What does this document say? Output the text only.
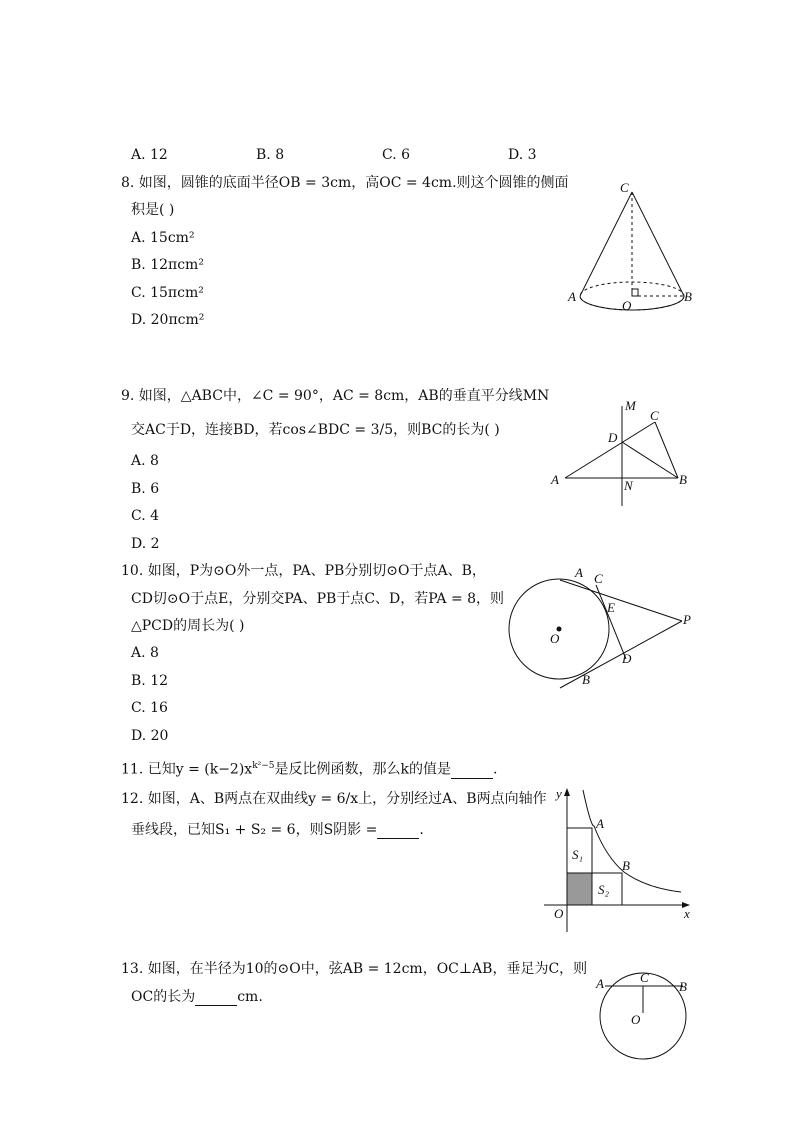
A. 12	B. 8	C. 6	D. 3
8. 如图，圆锥的底面半径OB = 3cm，高OC = 4cm.则这个圆锥的侧面
积是( )
A. 15cm²
B. 12πcm²
C. 15πcm²
D. 20πcm²
C
A	B
O
9. 如图，△ABC中，∠C = 90°，AC = 8cm，AB的垂直平分线MN
交AC于D，连接BD，若cos∠BDC = 3/5，则BC的长为( )
A. 8
B. 6
C. 4
D. 2
M
C
D
A	N	B
10. 如图，P为⊙O外一点，PA、PB分别切⊙O于点A、B，
CD切⊙O于点E，分别交PA、PB于点C、D，若PA = 8，则
△PCD的周长为( )
A. 8
B. 12
C. 16
D. 20
A C
E
P
O
D
B
11. 已知$y = (k-2)x^{k^2-5}$是反比例函数，那么k的值是	.
12. 如图，A、B两点在双曲线y = 6/x上，分别经过A、B两点向轴作
垂线段，已知S₁ + S₂ = 6，则S阴影 =	.
y
A
S₁
B
S₂
O	x
13. 如图，在半径为10的⊙O中，弦AB = 12cm，OC⊥AB，垂足为C，则
OC的长为	cm.
A	C
B
O
